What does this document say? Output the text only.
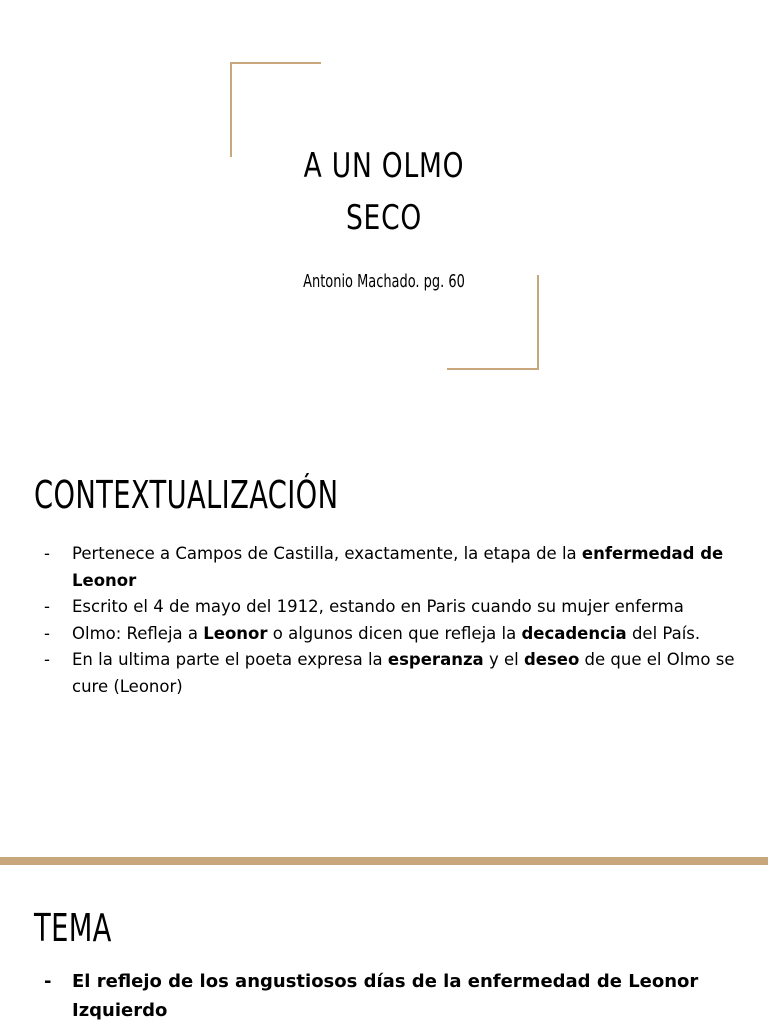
A UN OLMO
SECO
Antonio Machado. pg. 60
CONTEXTUALIZACIÓN
- Pertenece a Campos de Castilla, exactamente, la etapa de la enfermedad de Leonor
- Escrito el 4 de mayo del 1912, estando en Paris cuando su mujer enferma
- Olmo: Refleja a Leonor o algunos dicen que refleja la decadencia del País.
- En la ultima parte el poeta expresa la esperanza y el deseo de que el Olmo se cure (Leonor)
TEMA
- El reflejo de los angustiosos días de la enfermedad de Leonor Izquierdo
